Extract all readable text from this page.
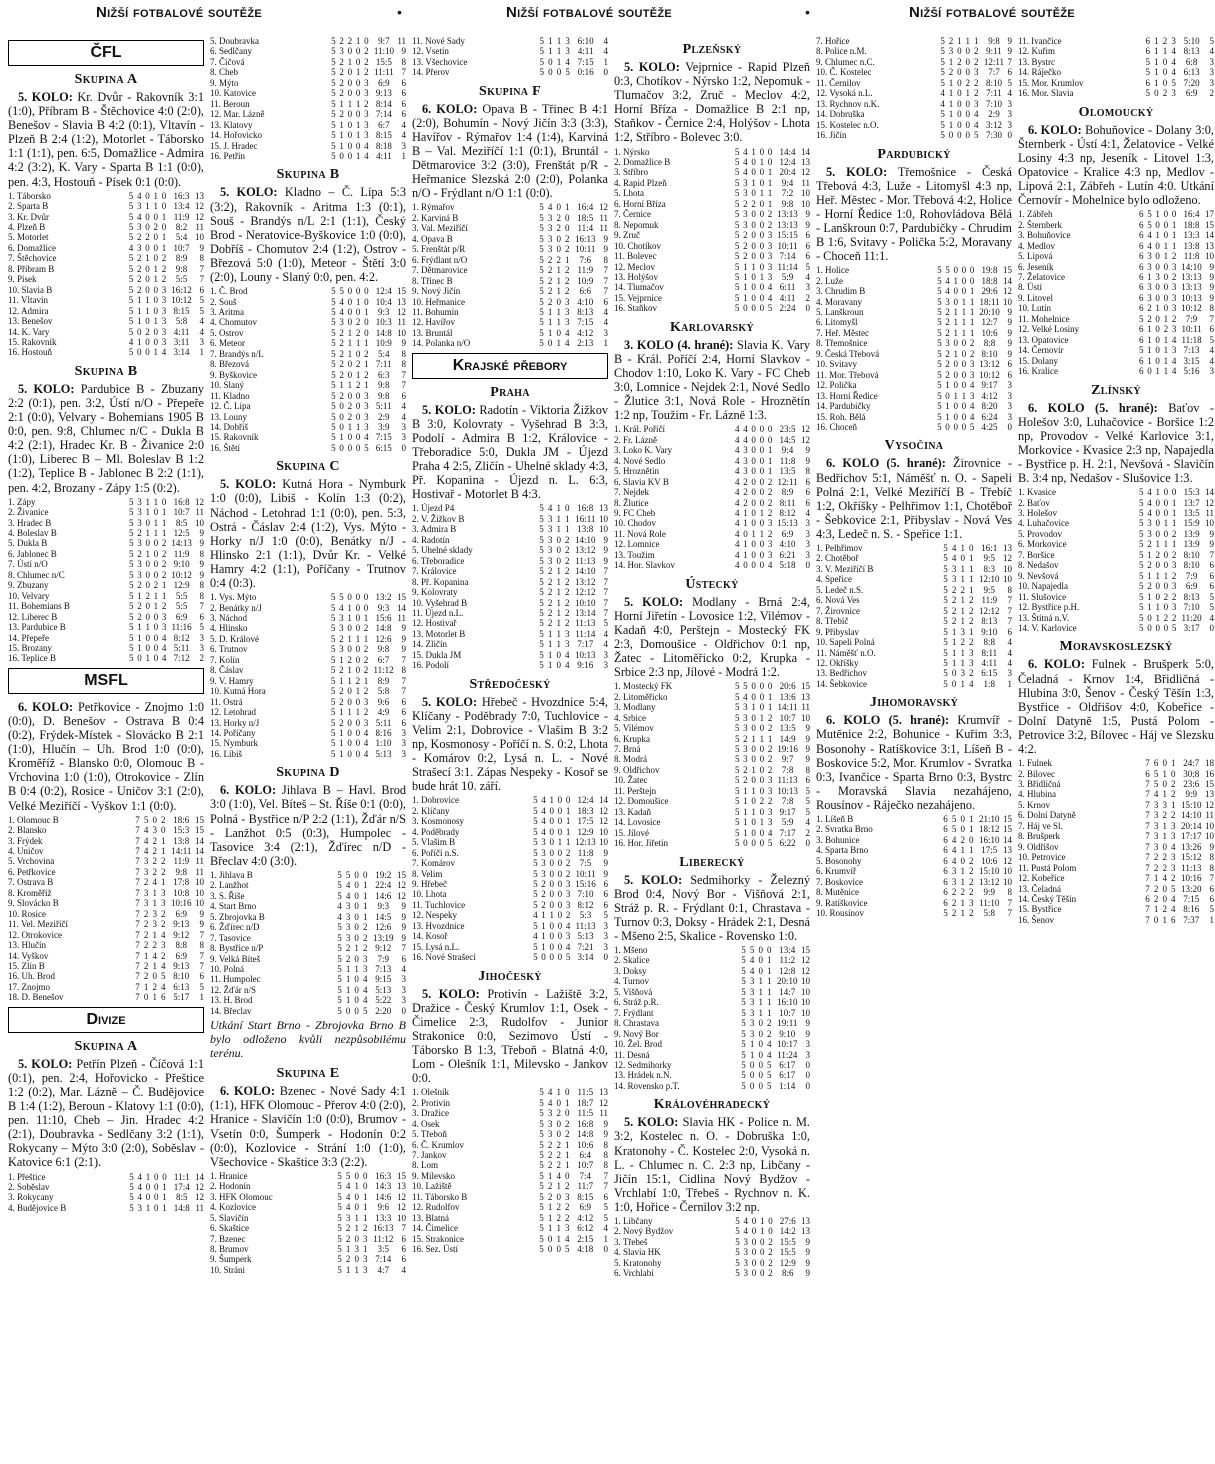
Nižší fotbalové soutěže	•	Nižší fotbalové soutěže	•	Nižší fotbalové soutěže
ČFL
Skupina A

5. KOLO: Kr. Dvůr - Rakovník 3:1 (1:0), Příbram B - Štěchovice 4:0 (2:0), Benešov - Slavia B 4:2 (0:1), Vltavín - Plzeň B 2:4 (1:2), Motorlet - Táborsko 1:1 (1:1), pen. 6:5, Domažlice - Admira 4:2 (3:2), K. Vary - Sparta B 1:1 (0:0), pen. 4:3, Hostouň - Písek 0:1 (0:0).

1. Táborsko	5	4	0	1	0	16:3	13
2. Sparta B	5	3	1	1	0	13:4	12
3. Kr. Dvůr	5	4	0	0	1	11:9	12
4. Plzeň B	5	3	0	2	0	8:2	11
5. Motorlet	5	2	2	0	1	5:4	10
6. Domažlice	4	3	0	0	1	10:7	9
7. Štěchovice	5	2	1	0	2	8:9	8
8. Příbram B	5	2	0	1	2	9:8	7
9. Písek	5	2	0	1	2	5:5	7
10. Slavia B	5	2	0	0	3	16:12	6
11. Vltavín	5	1	1	0	3	10:12	5
12. Admira	5	1	1	0	3	8:15	5
13. Benešov	5	1	0	1	3	5:8	4
14. K. Vary	5	0	2	0	3	4:11	4
15. Rakovník	4	1	0	0	3	3:11	3
16. Hostouň	5	0	0	1	4	3:14	1
Skupina B

5. KOLO: Pardubice B - Zbuzany 2:2 (0:1), pen. 3:2, Ústí n/O - Přepeře 2:1 (0:0), Velvary - Bohemians 1905 B 0:0, pen. 9:8, Chlumec n/C - Dukla B 4:2 (2:1), Hradec Kr. B - Živanice 2:0 (1:0), Liberec B – Ml. Boleslav B 1:2 (1:2), Teplice B - Jablonec B 2:2 (1:1), pen. 4:2, Brozany - Zápy 1:5 (0:2).

1. Zápy	5	3	1	1	0	16:8	12
2. Živanice	5	3	1	0	1	10:7	11
3. Hradec B	5	3	0	1	1	8:5	10
4. Boleslav B	5	2	1	1	1	12:5	9
5. Dukla B	5	3	0	0	2	14:13	9
6. Jablonec B	5	2	1	0	2	11:9	8
7. Ústí n/O	5	3	0	0	2	9:10	9
8. Chlumec n/C	5	3	0	0	2	10:12	9
9. Zbuzany	5	2	0	2	1	12:9	8
10. Velvary	5	1	2	1	1	5:5	8
11. Bohemians B	5	2	0	1	2	5:5	7
12. Liberec B	5	2	0	0	3	6:9	6
13. Pardubice B	5	1	1	0	3	11:16	5
14. Přepeře	5	1	0	0	4	8:12	3
15. Brozany	5	1	0	0	4	5:11	3
16. Teplice B	5	0	1	0	4	7:12	2
MSFL

6. KOLO: Petřkovice - Znojmo 1:0 (0:0), D. Benešov - Ostrava B 0:4 (0:2), Frýdek-Místek - Slovácko B 2:1 (1:0), Hlučín – Uh. Brod 1:0 (0:0), Kroměříž - Blansko 0:0, Olomouc B - Vrchovina 1:0 (1:0), Otrokovice - Zlín B 0:4 (0:2), Rosice - Uničov 3:1 (2:0), Velké Meziříčí - Vyškov 1:1 (0:0).

1. Olomouc B	7	5	0	2	18:6	15
2. Blansko	7	4	3	0	15:3	15
3. Frýdek	7	4	2	1	13:8	14
4. Uničov	7	4	2	1	14:11	14
5. Vrchovina	7	3	2	2	11:9	11
6. Petřkovice	7	3	2	2	9:8	11
7. Ostrava B	7	2	4	1	17:8	10
8. Kroměříž	7	3	1	3	10:8	10
9. Slovácko B	7	3	1	3	10:16	10
10. Rosice	7	2	3	2	6:9	9
11. Vel. Meziříčí	7	2	3	2	9:13	9
12. Otrokovice	7	2	1	4	9:12	7
13. Hlučín	7	2	2	3	8:8	8
14. Vyškov	7	1	4	2	6:9	7
15. Zlín B	7	2	1	4	9:13	7
16. Uh. Brod	7	2	0	5	8:10	6
17. Znojmo	7	1	2	4	6:13	5
18. D. Benešov	7	0	1	6	5:17	1
Divize
Skupina A

5. KOLO: Petřín Plzeň - Číčová 1:1 (0:1), pen. 2:4, Hořovicko - Přeštice 1:2 (0:2), Mar. Lázně – Č. Budějovice B 1:4 (1:2), Beroun - Klatovy 1:1 (0:0), pen. 11:10, Cheb – Jin. Hradec 4:2 (2:1), Doubravka - Sedlčany 3:2 (1:1), Rokycany – Mýto 3:0 (2:0), Soběslav - Katovice 6:1 (2:1).

1. Přeštice	5	4	1	0	0	11:1	14
2. Soběslav	5	4	0	0	1	17:4	12
3. Rokycany	5	4	0	0	1	8:5	12
4. Budějovice B	5	3	1	0	1	14:8	11
5. Doubravka	5	2	2	1	0	9:7	11
6. Sedlčany	5	3	0	0	2	11:10	9
7. Číčová	5	2	1	0	2	15:5	8
8. Cheb	5	2	0	1	2	11:11	7
9. Mýto	5	2	0	0	3	6:9	6
10. Katovice	5	2	0	0	3	9:13	6
11. Beroun	5	1	1	1	2	8:14	6
12. Mar. Lázně	5	2	0	0	3	7:14	6
13. Klatovy	5	1	0	1	3	6:7	4
14. Hořovicko	5	1	0	1	3	8:15	4
15. J. Hradec	5	1	0	0	4	8:18	3
16. Petřín	5	0	0	1	4	4:11	1
Skupina B

5. KOLO: Kladno – Č. Lípa 5:3 (3:2), Rakovník - Aritma 1:3 (0:1), Souš - Brandýs n/L 2:1 (1:1), Český Brod - Neratovice-Byškovice 1:0 (0:0), Dobříš - Chomutov 2:4 (1:2), Ostrov - Březová 5:0 (1:0), Meteor - Štětí 3:0 (2:0), Louny - Slaný 0:0, pen. 4:2.

1. Č. Brod	5	5	0	0	0	12:4	15
2. Souš	5	4	0	1	0	10:4	13
3. Aritma	5	4	0	0	1	9:3	12
4. Chomutov	5	3	0	2	0	10:3	11
5. Ostrov	5	2	1	2	0	14:8	10
6. Meteor	5	2	1	1	1	10:9	9
7. Brandýs n/L	5	2	1	0	2	5:4	8
8. Březová	5	2	0	2	1	7:11	8
9. Byškovice	5	2	0	1	2	6:3	7
10. Slaný	5	1	1	2	1	9:8	7
11. Kladno	5	2	0	0	3	9:8	6
12. Č. Lípa	5	0	2	0	3	5:11	4
13. Louny	5	0	2	0	3	2:9	4
14. Dobříš	5	0	1	1	3	3:9	3
15. Rakovník	5	1	0	0	4	7:15	3
16. Štětí	5	0	0	0	5	6:15	0
Skupina C

5. KOLO: Kutná Hora - Nymburk 1:0 (0:0), Libiš - Kolín 1:3 (0:2), Náchod - Letohrad 1:1 (0:0), pen. 5:3, Ostrá - Čáslav 2:4 (1:2), Vys. Mýto - Horky n/J 1:0 (0:0), Benátky n/J - Hlinsko 2:1 (1:1), Dvůr Kr. - Velké Hamry 4:2 (1:1), Poříčany - Trutnov 0:4 (0:3).

1. Vys. Mýto	5	5	0	0	0	13:2	15
2. Benátky n/J	5	4	1	0	0	9:3	14
3. Náchod	5	3	1	0	1	15:6	11
4. Hlinsko	5	3	0	0	2	14:8	9
5. D. Králové	5	2	1	1	1	12:6	9
6. Trutnov	5	3	0	0	2	9:8	9
7. Kolín	5	1	2	0	2	6:7	7
8. Čáslav	5	2	1	0	2	11:12	8
9. V. Hamry	5	1	1	2	1	8:9	7
10. Kutná Hora	5	2	0	1	2	5:8	7
11. Ostrá	5	2	0	0	3	9:6	6
12. Letohrad	5	1	1	1	2	4:9	6
13. Horky n/J	5	2	0	0	3	5:11	6
14. Poříčany	5	1	0	0	4	8:16	3
15. Nymburk	5	1	0	0	4	1:10	3
16. Libiš	5	1	0	0	4	5:13	3
Skupina D

6. KOLO: Jihlava B – Havl. Brod 3:0 (1:0), Vel. Bíteš – St. Říše 0:1 (0:0), Polná - Bystřice n/P 2:2 (1:1), Žďár n/S - Lanžhot 0:5 (0:3), Humpolec - Tasovice 3:4 (2:1), Žďírec n/D - Břeclav 4:0 (3:0).

1. Jihlava B	5	5	0	0	19:2	15
2. Lanžhot	5	4	0	1	22:4	12
3. S. Říše	5	4	0	1	14:6	12
4. Start Brno	4	3	0	1	9:3	9
5. Zbrojovka B	4	3	0	1	14:5	9
6. Žďírec n/D	5	3	0	2	12:6	9
7. Tasovice	5	3	0	2	13:19	9
8. Bystřice n/P	5	2	1	2	9:12	7
9. Velká Bíteš	5	2	0	3	7:9	6
10. Polná	5	1	1	3	7:13	4
11. Humpolec	5	1	0	4	9:15	3
12. Žďár n/S	5	1	0	4	5:13	3
13. H. Brod	5	1	0	4	5:22	3
14. Břeclav	5	0	0	5	2:20	0

Utkání Start Brno - Zbrojovka Brno B bylo odloženo kvůli nezpůsobilému terénu.

Skupina E

6. KOLO: Bzenec - Nové Sady 4:1 (1:1), HFK Olomouc - Přerov 4:0 (2:0), Hranice - Slavičín 1:0 (0:0), Brumov - Vsetín 0:0, Šumperk - Hodonín 0:2 (0:0), Kozlovice - Strání 1:0 (1:0), Všechovice - Skaštice 3:3 (2:2).

1. Hranice	5	5	0	0	16:3	15
2. Hodonín	5	4	1	0	14:3	13
3. HFK Olomouc	5	4	0	1	14:6	12
4. Kozlovice	5	4	0	1	9:6	12
5. Slavičín	5	3	1	1	13:3	10
6. Skaštice	5	2	1	2	16:13	7
7. Bzenec	5	2	0	3	11:12	6
8. Brumov	5	1	3	1	3:5	6
9. Šumperk	5	2	0	3	7:14	6
10. Stráni	5	1	1	3	4:7	4
11. Nové Sady	5	1	1	3	6:10	4
12. Vsetín	5	1	1	3	4:11	4
13. Všechovice	5	0	1	4	7:15	1
14. Přerov	5	0	0	5	0:16	0
Skupina F

6. KOLO: Opava B - Třinec B 4:1 (2:0), Bohumín - Nový Jičín 3:3 (3:3), Havířov - Rýmařov 1:4 (1:4), Karviná B – Val. Meziříčí 1:1 (0:1), Bruntál - Dětmarovice 3:2 (3:0), Frenštát p/R - Heřmanice Slezská 2:0 (2:0), Polanka n/O - Frýdlant n/O 1:1 (0:0).

1. Rýmařov	5	4	0	1	16:4	12
2. Karviná B	5	3	2	0	18:5	11
3. Val. Meziříčí	5	3	2	0	11:4	11
4. Opava B	5	3	0	2	16:13	9
5. Frenštát p/R	5	3	0	2	10:11	9
6. Frýdlant n/O	5	2	2	1	7:6	8
7. Dětmarovice	5	2	1	2	11:9	7
8. Třinec B	5	2	1	2	10:9	7
9. Nový Jičín	5	2	1	2	6:6	7
10. Heřmanice	5	2	0	3	4:10	6
11. Bohumín	5	1	1	3	8:13	4
12. Havířov	5	1	1	3	7:15	4
13. Bruntál	5	1	0	4	4:12	3
14. Polanka n/O	5	0	1	4	2:13	1
Krajské přebory
Praha

5. KOLO: Radotín - Viktoria Žižkov B 3:0, Kolovraty - Vyšehrad B 3:3, Podolí - Admira B 1:2, Královice - Třeboradice 5:0, Dukla JM - Újezd Praha 4 2:5, Zličín - Uhelné sklady 4:3, Př. Kopanina - Újezd n. L. 6:3, Hostivař - Motorlet B 4:3.

1. Újezd P4	5	4	1	0	16:8	13
2. V. Žižkov B	5	3	1	1	16:11	10
3. Admira B	5	3	1	1	13:8	10
4. Radotín	5	3	0	2	14:10	9
5. Uhelné sklady	5	3	0	2	13:12	9
6. Třeboradice	5	3	0	2	11:13	9
7. Královice	5	2	1	2	14:10	7
8. Př. Kopanina	5	2	1	2	13:12	7
9. Kolovraty	5	2	1	2	12:12	7
10. Vyšehrad B	5	2	1	2	10:10	7
11. Újezd n.L.	5	2	1	2	13:14	7
12. Hostivař	5	2	1	2	11:13	5
13. Motorlet B	5	1	1	3	11:14	4
14. Zličín	5	1	1	3	7:17	4
15. Dukla JM	5	1	0	4	10:13	3
16. Podolí	5	1	0	4	9:16	3
Středočeský

5. KOLO: Hřebeč - Hvozdnice 5:4, Klíčany - Poděbrady 7:0, Tuchlovice - Velim 2:1, Dobrovice - Vlašim B 3:2 np, Kosmonosy - Poříčí n. S. 0:2, Lhota - Komárov 0:2, Lysá n. L. - Nové Strašecí 3:1. Zápas Nespeky - Kosoř se bude hrát 10. září.

1. Dobrovice	5	4	1	0	0	12:4	14
2. Klíčany	5	4	0	0	1	18:3	12
3. Kosmonosy	5	4	0	0	1	17:5	12
4. Poděbrady	5	4	0	0	1	12:9	10
5. Vlašim B	5	3	0	1	1	12:13	10
6. Poříčí n.S.	5	3	0	0	2	11:8	9
7. Komárov	5	3	0	0	2	7:5	9
8. Velim	5	3	0	0	2	10:11	9
9. Hřebeč	5	2	0	0	3	15:16	6
10. Lhota	5	2	0	0	3	7:10	6
11. Tuchlovice	5	2	0	0	3	8:12	6
12. Nespeky	4	1	1	0	2	5:3	5
13. Hvozdnice	5	1	0	0	4	11:13	3
14. Kosoř	4	1	0	0	3	5:13	3
15. Lysá n.L.	5	1	0	0	4	7:21	3
16. Nové Strašecí	5	0	0	0	5	3:14	0
Jihočeský

5. KOLO: Protivín - Lažiště 3:2, Dražice - Český Krumlov 1:1, Osek - Čimelice 2:3, Rudolfov - Junior Strakonice 0:0, Sezimovo Ústí - Táborsko B 1:3, Třeboň - Blatná 4:0, Lom - Olešník 1:1, Milevsko - Jankov 0:0.

1. Olešník	5	4	1	0	11:5	13
2. Protivín	5	4	0	1	18:7	12
3. Dražice	5	3	2	0	11:5	11
4. Osek	5	3	0	2	16:8	9
5. Třeboň	5	3	0	2	14:8	9
6. Č. Krumlov	5	2	2	1	10:6	8
7. Jankov	5	2	2	1	6:4	8
8. Lom	5	2	2	1	10:7	8
9. Milevsko	5	1	4	0	7:4	7
10. Lažiště	5	2	1	2	11:7	7
11. Táborsko B	5	2	0	3	8:15	6
12. Rudolfov	5	1	2	2	6:9	5
13. Blatná	5	1	2	2	4:12	5
14. Čimelice	5	1	1	3	6:12	4
15. Strakonice	5	0	1	4	2:15	1
16. Sez. Ústí	5	0	0	5	4:18	0
Plzeňský

5. KOLO: Vejprnice - Rapid Plzeň 0:3, Chotíkov - Nýrsko 1:2, Nepomuk - Tlumačov 3:2, Zruč - Meclov 4:2, Horní Bříza - Domažlice B 2:1 np, Staňkov - Černice 2:4, Holýšov - Lhota 1:2, Stříbro - Bolevec 3:0.

1. Nýrsko	5	4	1	0	0	14:4	14
2. Domažlice B	5	4	0	1	0	12:4	13
3. Stříbro	5	4	0	0	1	20:4	12
4. Rapid Plzeň	5	3	1	0	1	9:4	11
5. Lhota	5	3	0	1	1	7:2	10
6. Horní Bříza	5	2	2	0	1	9:8	10
7. Černice	5	3	0	0	2	13:13	9
8. Nepomuk	5	3	0	0	2	13:13	9
9. Zruč	5	2	0	0	3	15:15	6
10. Chotíkov	5	2	0	0	3	10:11	6
11. Bolevec	5	2	0	0	3	7:14	6
12. Meclov	5	1	1	0	3	11:14	5
13. Holýšov	5	1	0	1	3	5:9	4
14. Tlumačov	5	1	0	0	4	6:11	3
15. Vejprnice	5	1	0	0	4	4:11	2
16. Staňkov	5	0	0	0	5	2:24	0
Karlovarský

3. KOLO (4. hrané): Slavia K. Vary B - Král. Poříčí 2:4, Horní Slavkov - Chodov 1:10, Loko K. Vary - FC Cheb 3:0, Lomnice - Nejdek 2:1, Nové Sedlo - Žlutice 3:1, Nová Role - Hroznětín 1:2 np, Toužim - Fr. Lázně 1:3.

1. Král. Poříčí	4	4	0	0	0	23:5	12
2. Fr. Lázně	4	4	0	0	0	14:5	12
3. Loko K. Vary	4	3	0	0	1	9:4	9
4. Nové Sedlo	4	3	0	0	1	11:8	9
5. Hroznětín	4	3	0	0	1	13:5	8
6. Slavia KV B	4	2	0	0	2	12:11	6
7. Nejdek	4	2	0	0	2	8:9	6
8. Žlutice	4	2	0	0	2	8:11	6
9. FC Cheb	4	1	0	1	2	8:12	4
10. Chodov	4	1	0	0	3	15:13	3
11. Nová Role	4	0	1	1	2	6:9	3
12. Lomnice	4	1	0	0	3	4:10	3
13. Toužim	4	1	0	0	3	6:21	3
14. Hor. Slavkov	4	0	0	0	4	5:18	0
Ústecký

5. KOLO: Modlany - Brná 2:4, Horní Jiřetín - Lovosice 1:2, Vilémov - Kadaň 4:0, Perštejn - Mostecký FK 2:3, Domoušice - Oldřichov 0:1 np, Žatec - Litoměřicko 0:2, Krupka - Srbice 2:3 np, Jílové - Modrá 1:2.

1. Mostecký FK	5	5	0	0	0	20:6	15
2. Litoměřicko	5	4	0	0	1	13:6	13
3. Modlany	5	3	1	0	1	14:11	11
4. Srbice	5	3	0	1	2	10:7	10
5. Vilémov	5	3	0	0	2	13:5	9
6. Krupka	5	2	1	1	1	14:9	9
7. Brná	5	3	0	0	2	19:16	9
8. Modrá	5	3	0	0	2	9:7	9
9. Oldřichov	5	2	1	0	2	7:8	8
10. Žatec	5	2	0	0	3	11:13	6
11. Perštejn	5	1	1	0	3	10:13	5
12. Domoušice	5	1	0	2	2	7:8	5
13. Kadaň	5	1	1	0	3	9:17	5
14. Lovosice	5	1	0	1	3	5:9	4
15. Jílové	5	1	0	0	4	7:17	2
16. Hor. Jiřetín	5	0	0	0	5	6:22	0
Liberecký

5. KOLO: Sedmihorky - Železný Brod 0:4, Nový Bor - Višňová 2:1, Stráž p. R. - Frýdlant 0:1, Chrastava - Turnov 0:3, Doksy - Hrádek 2:1, Desná - Mšeno 2:5, Skalice - Rovensko 1:0.

1. Mšeno	5	5	0	0	13:4	15
2. Skalice	5	4	0	1	11:2	12
3. Doksy	5	4	0	1	12:8	12
4. Turnov	5	3	1	1	20:10	10
5. Višňová	5	3	1	1	14:7	10
6. Stráž p.R.	5	3	1	1	16:10	10
7. Frýdlant	5	3	1	1	10:7	10
8. Chrastava	5	3	0	2	19:11	9
9. Nový Bor	5	3	0	2	9:10	9
10. Žel. Brod	5	1	0	4	10:17	3
11. Desná	5	1	0	4	11:24	3
12. Sedmihorky	5	0	0	5	6:17	0
13. Hrádek n.N.	5	0	0	5	6:17	0
14. Rovensko p.T.	5	0	0	5	1:14	0
Královéhradecký

5. KOLO: Slavia HK - Police n. M. 3:2, Kostelec n. O. - Dobruška 1:0, Kratonohy - Č. Kostelec 2:0, Vysoká n. L. - Chlumec n. C. 2:3 np, Libčany - Jičín 15:1, Cidlina Nový Bydžov - Vrchlabí 1:0, Třebeš - Rychnov n. K. 1:0, Hořice - Černilov 3:2 np.

1. Libčany	5	4	0	1	0	27:6	13
2. Nový Bydžov	5	4	0	1	0	14:2	13
3. Třebeš	5	3	0	0	2	15:5	9
4. Slavia HK	5	3	0	0	2	15:5	9
5. Kratonohy	5	3	0	0	2	12:9	9
6. Vrchlabí	5	3	0	0	2	8:6	9
7. Hořice	5	2	1	1	1	9:8	9
8. Police n.M.	5	3	0	0	2	9:11	9
9. Chlumec n.C.	5	1	2	0	2	12:11	7
10. Č. Kostelec	5	2	0	0	3	7:7	6
11. Černilov	5	1	0	2	2	8:10	5
12. Vysoká n.L.	4	1	0	1	2	7:11	4
13. Rychnov n.K.	4	1	0	0	3	7:10	3
14. Dobruška	5	1	0	0	4	2:9	3
15. Kostelec n.O.	5	1	0	0	4	3:12	3
16. Jičín	5	0	0	0	5	7:30	0
Pardubický

5. KOLO: Třemošnice - Česká Třebová 4:3, Luže - Litomyšl 4:3 np, Heř. Městec - Mor. Třebová 4:2, Holice - Horní Ředice 1:0, Rohovládova Bělá - Lanškroun 0:7, Pardubičky - Chrudim B 1:6, Svitavy - Polička 5:2, Moravany - Choceň 11:1.

1. Holice	5	5	0	0	0	19:8	15
2. Luže	5	4	1	0	0	18:8	14
3. Chrudim B	5	4	0	0	1	29:6	12
4. Moravany	5	3	0	1	1	18:11	10
5. Lanškroun	5	2	1	1	1	20:10	9
6. Litomyšl	5	2	1	1	1	12:7	9
7. Heř. Městec	5	2	1	1	1	10:6	9
8. Třemošnice	5	3	0	0	2	8:8	9
9. Česká Třebová	5	2	1	0	2	8:10	9
10. Svitavy	5	2	0	0	3	13:12	6
11. Mor. Třebová	5	2	0	0	3	10:12	6
12. Polička	5	1	0	0	4	9:17	3
13. Horní Ředice	5	0	1	1	3	4:12	3
14. Pardubičky	5	1	0	0	4	8:20	3
15. Roh. Bělá	5	1	0	0	4	6:24	3
16. Choceň	5	0	0	0	5	4:25	0
Vysočina

6. KOLO (5. hrané): Žirovnice - Bedřichov 5:1, Náměšť n. O. - Sapeli Polná 2:1, Velké Meziříčí B - Třebíč 1:2, Okříšky - Pelhřimov 1:1, Chotěboř - Šebkovice 2:1, Přibyslav - Nová Ves 4:3, Ledeč n. S. - Speřice 1:1.

1. Pelhřimov	5	4	1	0	16:1	13
2. Chotěboř	5	4	0	1	9:5	12
3. V. Meziříčí B	5	3	1	1	8:3	10
4. Speřice	5	3	1	1	12:10	10
5. Ledeč n.S.	5	2	2	1	9:5	8
6. Nová Ves	5	2	1	2	11:9	7
7. Žirovnice	5	2	1	2	12:12	7
8. Třebíč	5	2	1	2	8:13	7
9. Přibyslav	5	1	3	1	9:10	6
10. Sapeli Polná	5	1	2	2	8:8	4
11. Náměšť n.O.	5	1	1	3	8:11	4
12. Okříšky	5	1	1	3	4:11	4
13. Bedřichov	5	0	3	2	6:15	3
14. Šebkovice	5	0	1	4	1:8	1
Jihomoravský

6. KOLO (5. hrané): Krumvíř - Mutěnice 2:2, Bohunice - Kuřim 3:3, Bosonohy - Ratíškovice 3:1, Líšeň B - Boskovice 5:2, Mor. Krumlov - Svratka 0:3, Ivančice - Sparta Brno 0:3, Bystrc - Moravská Slavia nezahájeno, Rousínov - Ráječko nezahájeno.

1. Líšeň B	6	5	0	1	21:10	15
2. Svratka Brno	6	5	0	1	18:12	15
3. Bohunice	6	4	2	0	16:10	14
4. Sparta Brno	6	4	1	1	17:5	13
5. Bosonohy	6	4	0	2	10:6	12
6. Krumvíř	6	3	1	2	15:10	10
7. Boskovice	6	3	1	2	13:12	10
8. Mutěnice	6	2	2	2	9:9	8
9. Ratíškovice	6	2	1	3	11:10	7
10. Rousínov	5	2	1	2	5:8	7
11. Ivančice	6	1	2	3	5:10	5
12. Kuřim	6	1	1	4	8:13	4
13. Bystrc	5	1	0	4	6:8	3
14. Ráječko	5	1	0	4	6:13	3
15. Mor. Krumlov	6	1	0	5	7:20	3
16. Mor. Slavia	5	0	2	3	6:9	2
Olomoucký

6. KOLO: Bohuňovice - Dolany 3:0, Šternberk - Ústí 4:1, Želatovice - Velké Losiny 4:3 np, Jeseník - Litovel 1:3, Opatovice - Kralice 4:3 np, Medlov - Lipová 2:1, Zábřeh - Lutín 4:0. Utkání Černovír - Mohelnice bylo odloženo.

1. Zábřeh	6	5	1	0	0	16:4	17
2. Šternberk	6	5	0	0	1	18:8	15
3. Bohuňovice	6	4	1	0	1	13:3	14
4. Medlov	6	4	0	1	1	13:8	13
5. Lipová	6	3	0	1	2	11:8	10
6. Jeseník	6	3	0	0	3	14:10	9
7. Želatovice	6	1	3	0	2	13:13	9
8. Ústí	6	3	0	0	3	13:13	9
9. Litovel	6	3	0	0	3	10:13	9
10. Lutín	6	2	1	0	3	10:12	8
11. Mohelnice	5	2	0	1	2	7:9	7
12. Velké Losiny	6	1	0	2	3	10:11	6
13. Opatovice	6	1	0	1	4	11:18	5
14. Černovír	5	1	0	1	3	7:13	4
15. Dolany	6	1	0	1	4	3:15	4
16. Kralice	6	0	1	1	4	5:16	3
Zlínský

6. KOLO (5. hrané): Baťov - Holešov 3:0, Luhačovice - Boršice 1:2 np, Provodov - Velké Karlovice 3:1, Morkovice - Kvasice 2:3 np, Napajedla - Bystřice p. H. 2:1, Nevšová - Slavičín B. 3:4 np, Nedašov - Slušovice 1:3.

1. Kvasice	5	4	1	0	0	15:3	14
2. Baťov	5	4	0	0	1	13:7	12
3. Holešov	5	4	0	0	1	13:5	11
4. Luhačovice	5	3	0	1	1	15:9	10
5. Provodov	5	3	0	0	2	13:9	9
6. Morkovice	5	2	1	1	1	13:9	9
7. Boršice	5	1	2	0	2	8:10	7
8. Nedašov	5	2	0	0	3	8:10	6
9. Nevšová	5	1	1	1	2	7:9	6
10. Napajedla	5	2	0	0	3	6:9	6
11. Slušovice	5	1	0	2	2	8:13	5
12. Bystřice p.H.	5	1	1	0	3	7:10	5
13. Štítná n.V.	5	0	1	2	2	11:20	4
14. V. Karlovice	5	0	0	0	5	3:17	0
Moravskoslezský

6. KOLO: Fulnek - Brušperk 5:0, Čeladná - Krnov 1:4, Břidličná - Hlubina 3:0, Šenov - Český Těšín 1:3, Bystřice - Oldřišov 4:0, Kobeřice - Dolní Datyně 1:5, Pustá Polom - Petrovice 3:2, Bílovec - Háj ve Slezsku 4:2.

1. Fulnek	7	6	0	1	24:7	18
2. Bílovec	6	5	1	0	30:8	16
3. Břidličná	7	5	0	2	23:6	15
4. Hlubina	7	4	1	2	9:9	13
5. Krnov	7	3	3	1	15:10	12
6. Dolní Datyně	7	3	2	2	14:10	11
7. Háj ve Sl.	7	3	1	3	20:14	10
8. Brušperk	7	3	1	3	17:17	10
9. Oldřišov	7	3	0	4	13:26	9
10. Petrovice	7	2	2	3	15:12	8
11. Pustá Polom	7	2	2	3	11:13	8
12. Kobeřice	7	1	4	2	10:16	7
13. Čeladná	7	2	0	5	13:20	6
14. Český Těšín	6	2	0	4	7:15	6
15. Bystřice	7	1	2	4	8:16	5
16. Šenov	7	0	1	6	7:37	1
